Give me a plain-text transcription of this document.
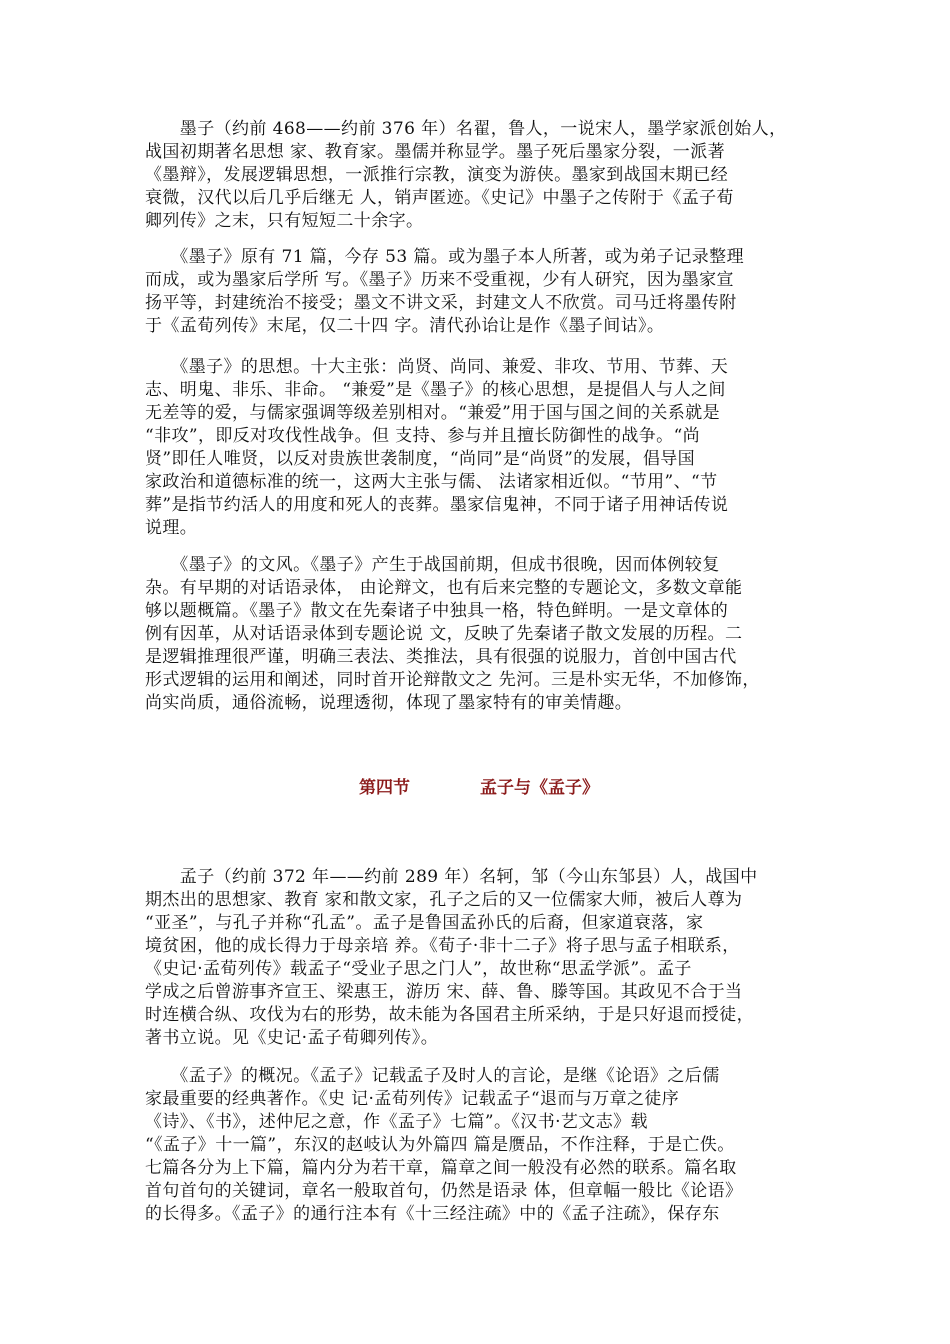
　　墨子（约前 468——约前 376 年）名翟，鲁人，一说宋人，墨学家派创始人，
战国初期著名思想 家、教育家。墨儒并称显学。墨子死后墨家分裂，一派著
《墨辩》，发展逻辑思想，一派推行宗教，演变为游侠。墨家到战国末期已经
衰微，汉代以后几乎后继无 人，销声匿迹。《史记》中墨子之传附于《孟子荀
卿列传》之末，只有短短二十余字。
　　《墨子》原有 71 篇，今存 53 篇。或为墨子本人所著，或为弟子记录整理
而成，或为墨家后学所 写。《墨子》历来不受重视，少有人研究，因为墨家宣
扬平等，封建统治不接受；墨文不讲文采，封建文人不欣赏。司马迁将墨传附
于《孟荀列传》末尾，仅二十四 字。清代孙诒让是作《墨子间诂》。
　　《墨子》的思想。十大主张：尚贤、尚同、兼爱、非攻、节用、节葬、天
志、明鬼、非乐、非命。 “兼爱”是《墨子》的核心思想，是提倡人与人之间
无差等的爱，与儒家强调等级差别相对。“兼爱”用于国与国之间的关系就是
“非攻”，即反对攻伐性战争。但 支持、参与并且擅长防御性的战争。“尚
贤”即任人唯贤，以反对贵族世袭制度，“尚同”是“尚贤”的发展，倡导国
家政治和道德标准的统一，这两大主张与儒、 法诸家相近似。“节用”、“节
葬”是指节约活人的用度和死人的丧葬。墨家信鬼神，不同于诸子用神话传说
说理。
　　《墨子》的文风。《墨子》产生于战国前期，但成书很晚，因而体例较复
杂。有早期的对话语录体， 由论辩文，也有后来完整的专题论文，多数文章能
够以题概篇。《墨子》散文在先秦诸子中独具一格，特色鲜明。一是文章体的
例有因革，从对话语录体到专题论说 文，反映了先秦诸子散文发展的历程。二
是逻辑推理很严谨，明确三表法、类推法，具有很强的说服力，首创中国古代
形式逻辑的运用和阐述，同时首开论辩散文之 先河。三是朴实无华，不加修饰，
尚实尚质，通俗流畅，说理透彻，体现了墨家特有的审美情趣。
第四节	孟子与《孟子》
　　孟子（约前 372 年——约前 289 年）名轲，邹（今山东邹县）人，战国中
期杰出的思想家、教育 家和散文家，孔子之后的又一位儒家大师，被后人尊为
“亚圣”，与孔子并称“孔孟”。孟子是鲁国孟孙氏的后裔，但家道衰落，家
境贫困，他的成长得力于母亲培 养。《荀子·非十二子》将子思与孟子相联系，
《史记·孟荀列传》载孟子“受业子思之门人”，故世称“思孟学派”。孟子
学成之后曾游事齐宣王、梁惠王，游历 宋、薛、鲁、滕等国。其政见不合于当
时连横合纵、攻伐为右的形势，故未能为各国君主所采纳，于是只好退而授徒，
著书立说。见《史记·孟子荀卿列传》。
　　《孟子》的概况。《孟子》记载孟子及时人的言论，是继《论语》之后儒
家最重要的经典著作。《史 记·孟荀列传》记载孟子“退而与万章之徒序
《诗》、《书》，述仲尼之意，作《孟子》七篇”。《汉书·艺文志》载
“《孟子》十一篇”，东汉的赵岐认为外篇四 篇是赝品，不作注释，于是亡佚。
七篇各分为上下篇，篇内分为若干章，篇章之间一般没有必然的联系。篇名取
首句首句的关键词，章名一般取首句，仍然是语录 体，但章幅一般比《论语》
的长得多。《孟子》的通行注本有《十三经注疏》中的《孟子注疏》，保存东
